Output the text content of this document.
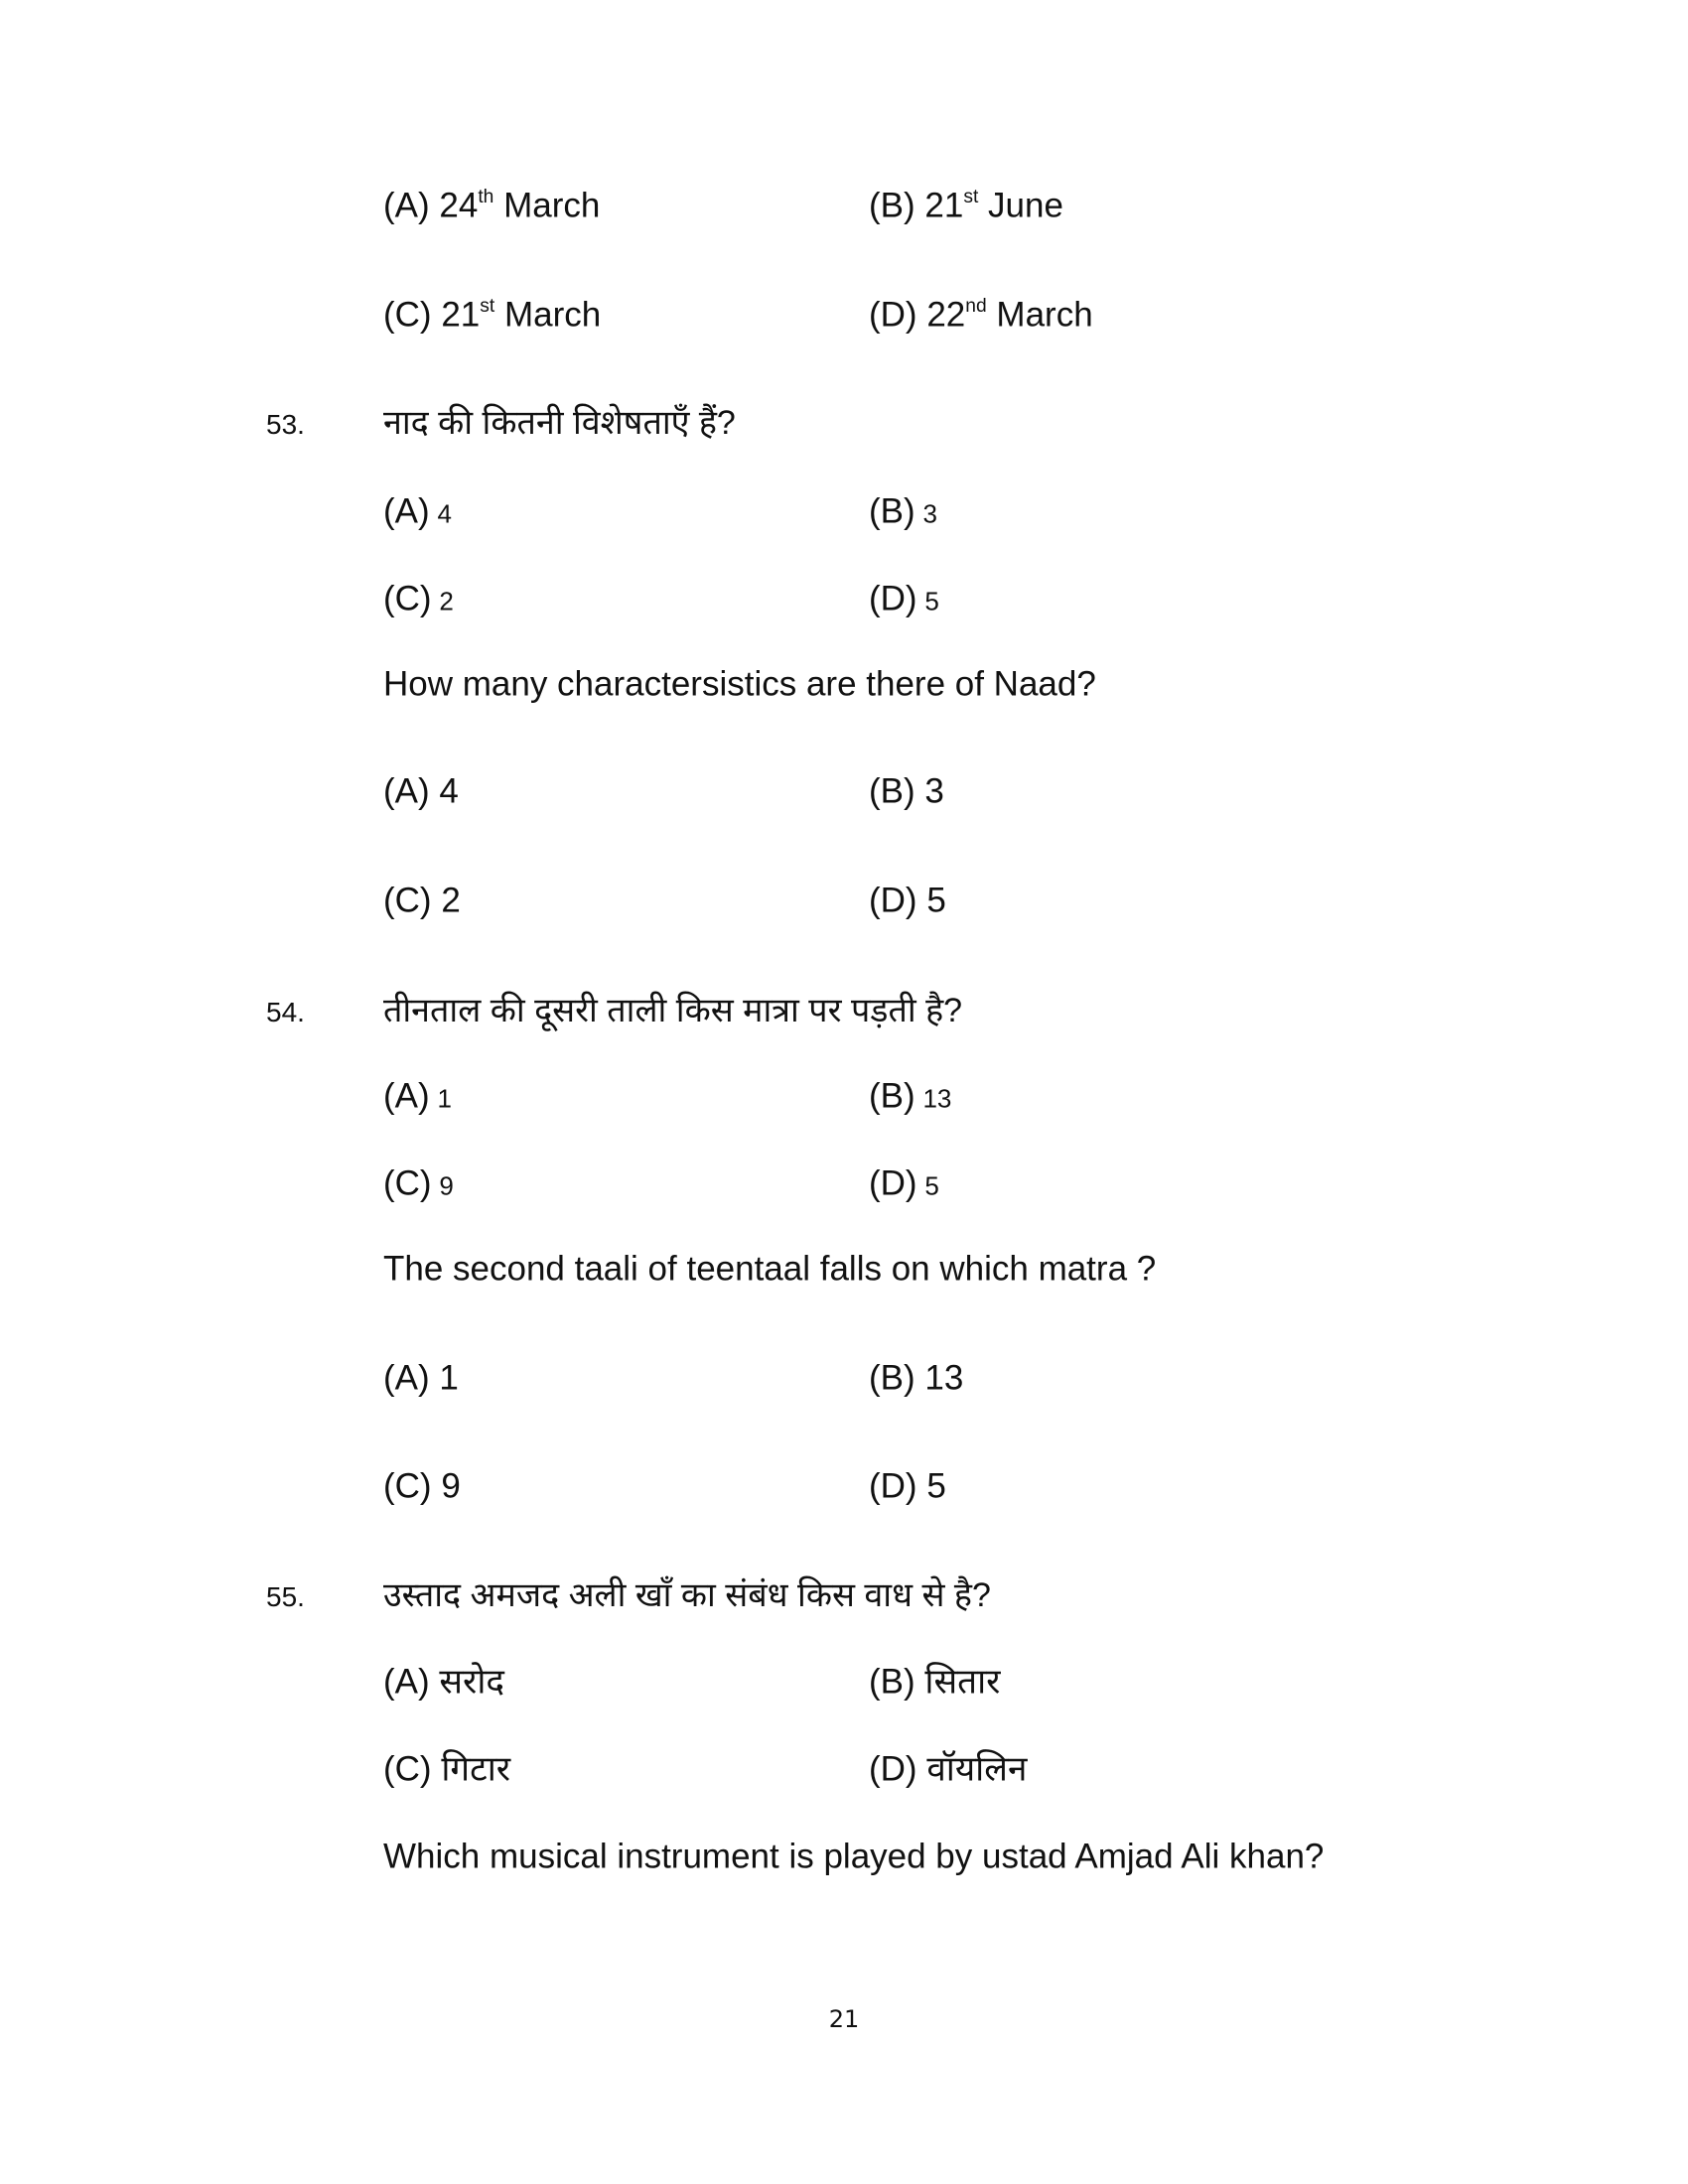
(A) 24th March	(B) 21st June
(C) 21st March	(D) 22nd March
53. नाद की कितनी विशेषताएँ हैं?
(A) 4	(B) 3
(C) 2	(D) 5
How many charactersistics are there of Naad?
(A) 4	(B) 3
(C) 2	(D) 5
54. तीनताल की दूसरी ताली किस मात्रा पर पड़ती है?
(A) 1	(B) 13
(C) 9	(D) 5
The second taali of teentaal falls on which matra ?
(A) 1	(B) 13
(C) 9	(D) 5
55. उस्ताद अमजद अली खाँ का संबंध किस वाध से है?
(A) सरोद	(B) सितार
(C) गिटार	(D) वॉयलिन
Which musical instrument is played by ustad Amjad Ali khan?
21
